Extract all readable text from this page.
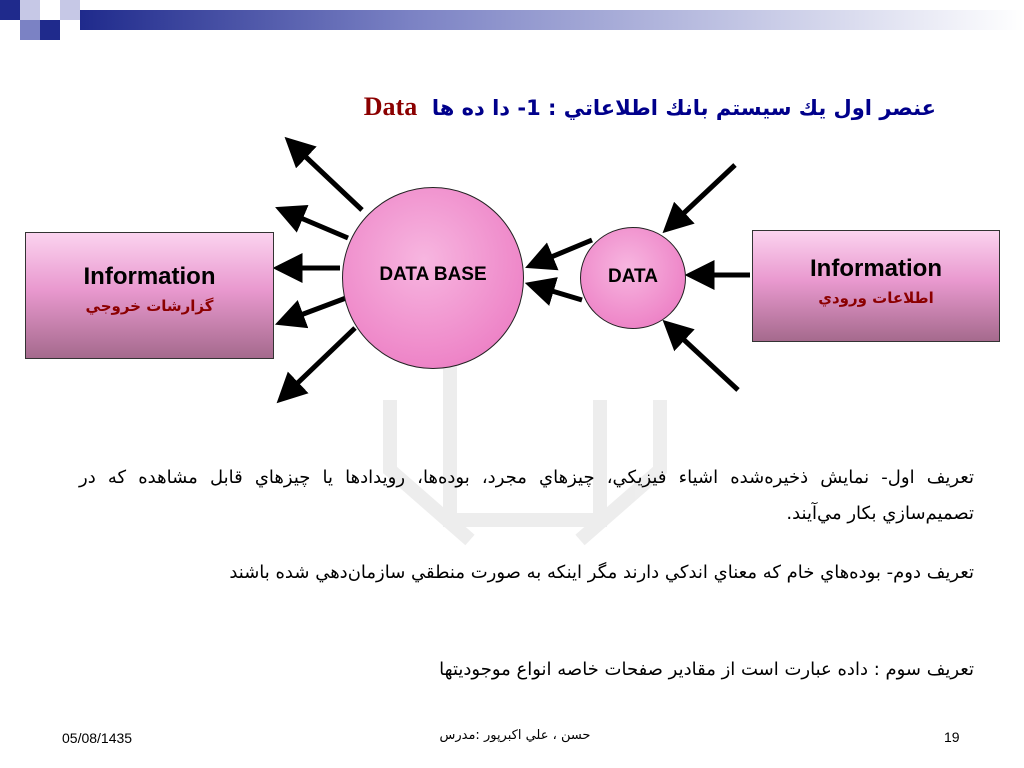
عنصر اول يك سيستم بانك اطلاعاتي : 1- دا ده ها  Data
Information
گزارشات خروجي
Information
اطلاعات ورودي
DATA BASE	DATA
تعريف اول- نمايش ذخيره‌شده اشياء فيزيكي، چيزهاي مجرد، بوده‌ها، رويدادها يا چيزهاي قابل مشاهده كه در تصميم‌سازي بكار مي‌آيند.
تعريف دوم- بوده‌هاي خام كه معناي اندكي دارند مگر اينكه به صورت منطقي سازمان‌دهي شده باشند
تعريف سوم : داده عبارت است از مقادير صفحات خاصه انواع موجوديتها
05/08/1435	حسن ، علي اكبرپور :مدرس	19
